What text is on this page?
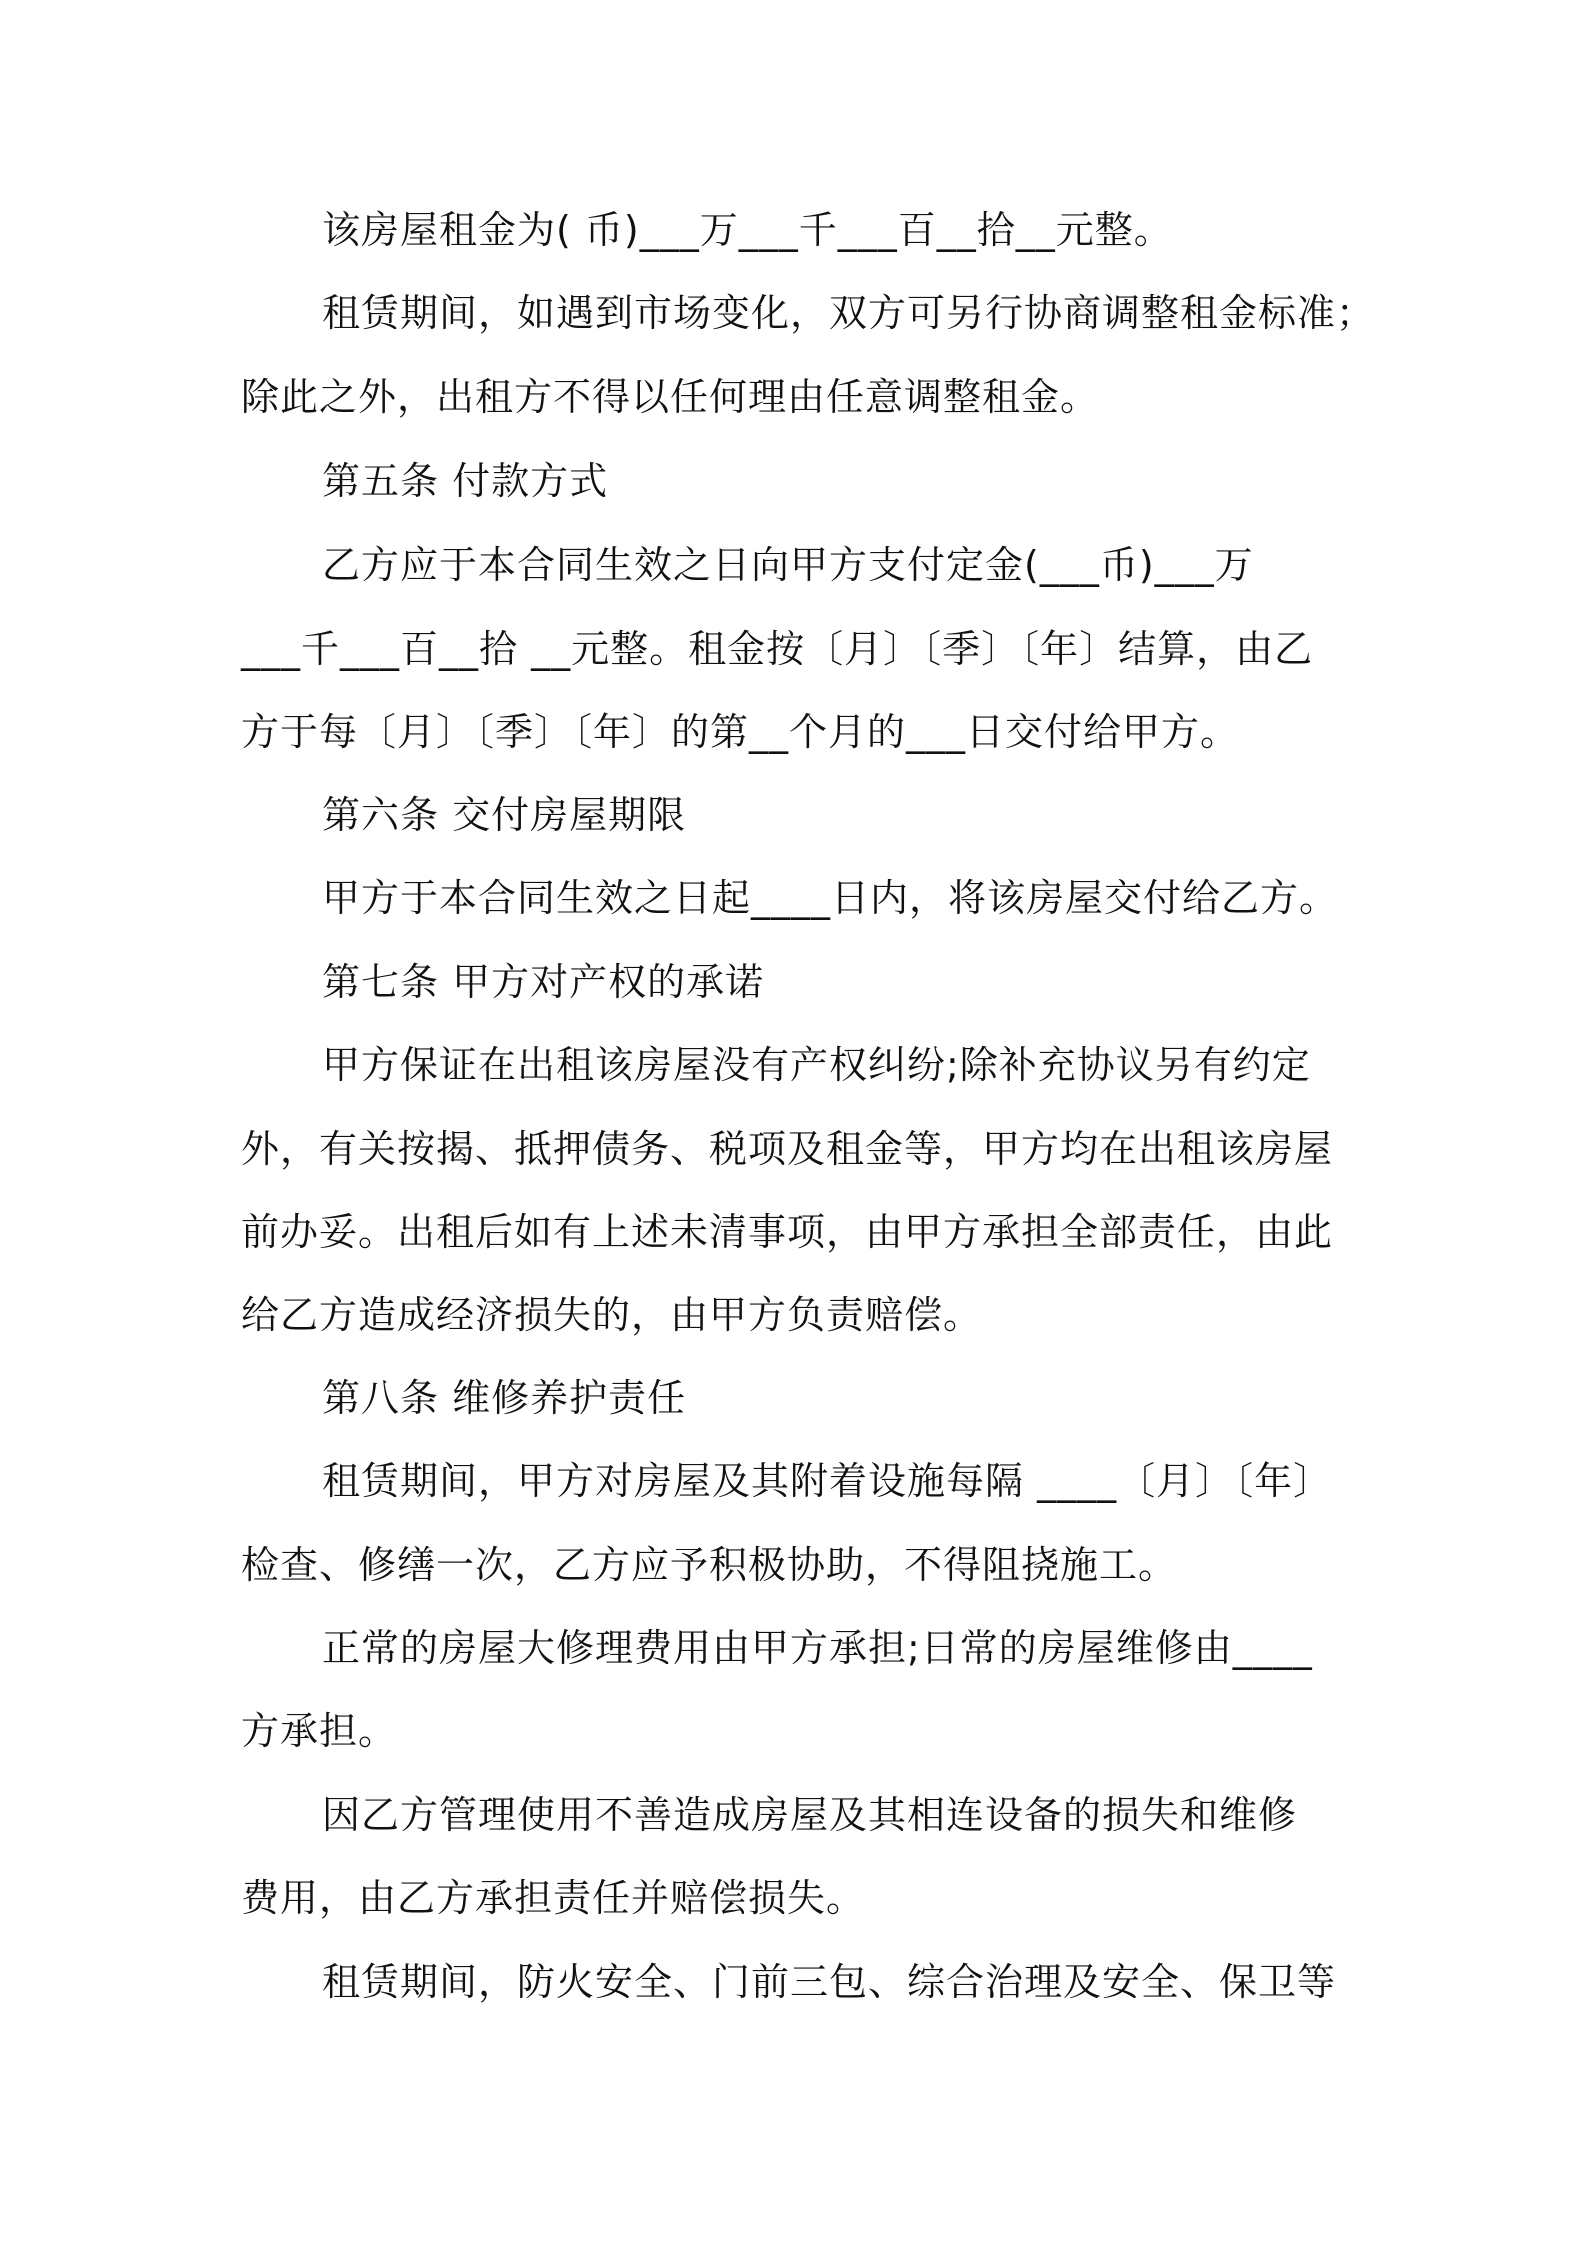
该房屋租金为( 币)___万___千___百__拾__元整。
租赁期间，如遇到市场变化，双方可另行协商调整租金标准；
除此之外，出租方不得以任何理由任意调整租金。
第五条 付款方式
乙方应于本合同生效之日向甲方支付定金(___币)___万
___千___百__拾 __元整。租金按〔月〕〔季〕〔年〕结算，由乙
方于每〔月〕〔季〕〔年〕的第__个月的___日交付给甲方。
第六条 交付房屋期限
甲方于本合同生效之日起____日内，将该房屋交付给乙方。
第七条 甲方对产权的承诺
甲方保证在出租该房屋没有产权纠纷;除补充协议另有约定
外，有关按揭、抵押债务、税项及租金等，甲方均在出租该房屋
前办妥。出租后如有上述未清事项，由甲方承担全部责任，由此
给乙方造成经济损失的，由甲方负责赔偿。
第八条 维修养护责任
租赁期间，甲方对房屋及其附着设施每隔 ____〔月〕〔年〕
检查、修缮一次，乙方应予积极协助，不得阻挠施工。
正常的房屋大修理费用由甲方承担;日常的房屋维修由____
方承担。
因乙方管理使用不善造成房屋及其相连设备的损失和维修
费用，由乙方承担责任并赔偿损失。
租赁期间，防火安全、门前三包、综合治理及安全、保卫等
